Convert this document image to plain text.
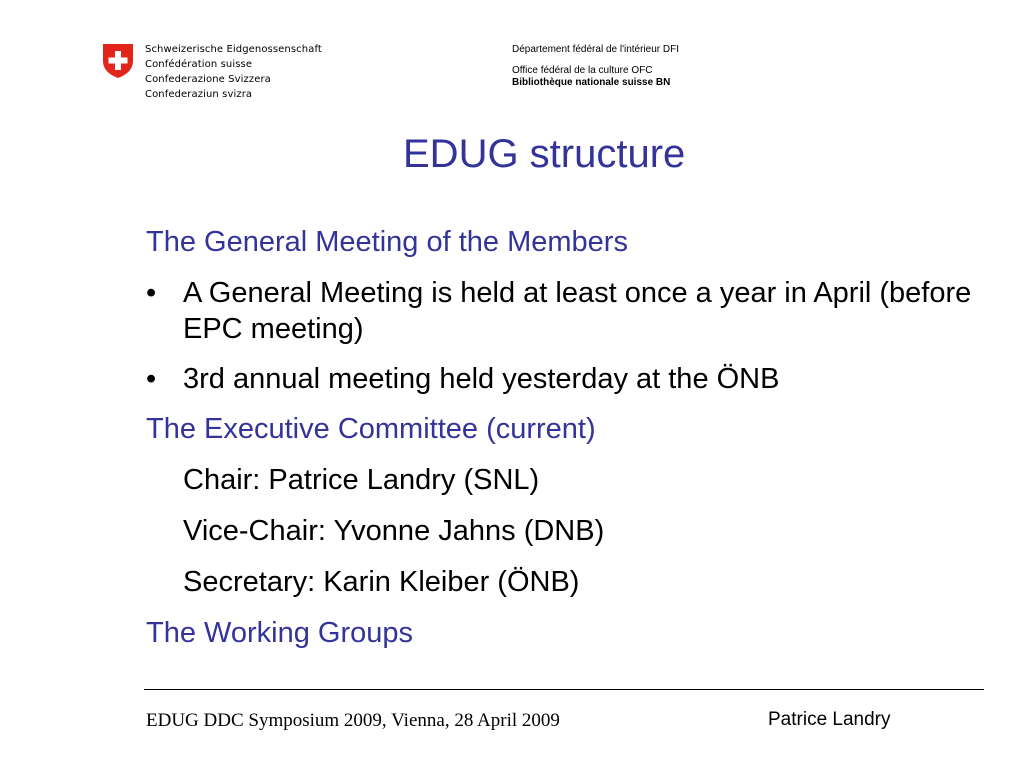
Schweizerische Eidgenossenschaft
Confédération suisse
Confederazione Svizzera
Confederaziun svizra
Département fédéral de l'intérieur DFI
Office fédéral de la culture OFC
Bibliothèque nationale suisse BN
EDUG structure
The General Meeting of the Members
• A General Meeting is held at least once a year in April (before EPC meeting)
• 3rd annual meeting held yesterday at the ÖNB
The Executive Committee (current)
Chair: Patrice Landry (SNL)
Vice-Chair: Yvonne Jahns (DNB)
Secretary: Karin Kleiber (ÖNB)
The Working Groups
EDUG DDC Symposium 2009, Vienna, 28 April 2009	Patrice Landry
